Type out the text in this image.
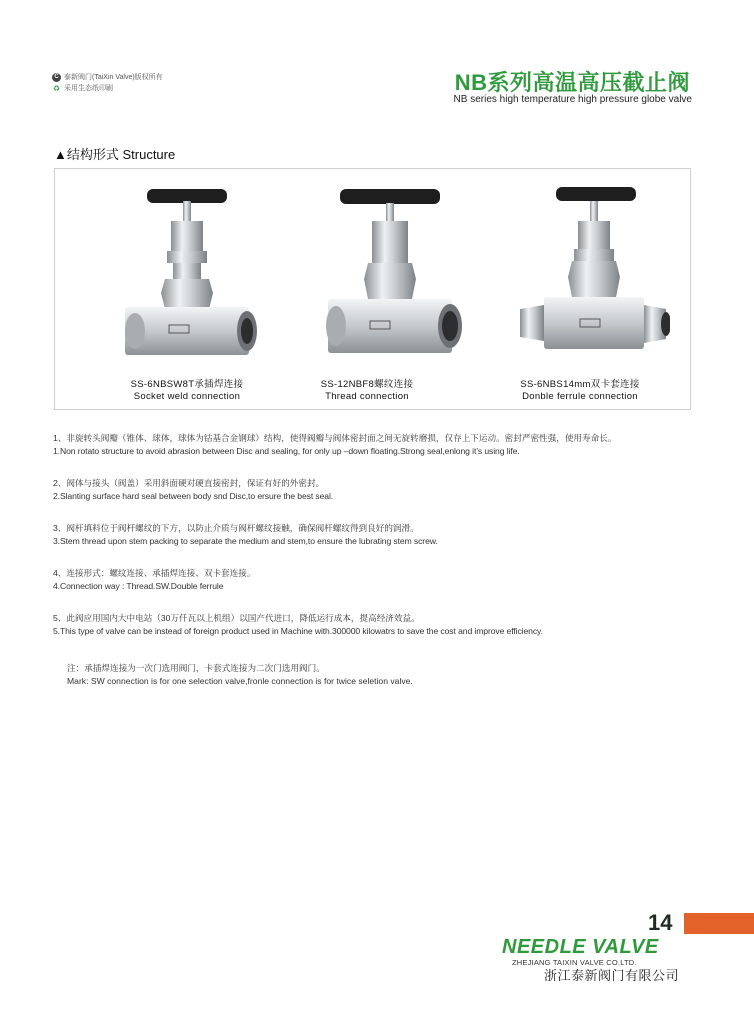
C 泰新阀门(TaiXin Valve)版权所有
♻ 采用生态纸印刷	NB系列高温高压截止阀
NB series high temperature high pressure globe valve
▲结构形式 Structure
SS-6NBSW8T承插焊连接
Socket weld connection
SS-12NBF8螺纹连接
Thread connection
SS-6NBS14mm双卡套连接
Donble ferrule connection
1、非旋转头阀瓣（锥体、球体，球体为钴基合金钢球）结构，使得阀瓣与阀体密封面之间无旋转磨损，仅存上下运动。密封严密性强，使用寿命长。
1.Non rotato structure to avoid abrasion between Disc and sealing, for only up –down floating.Strong seal,enlong it’s using life.
2、阀体与接头（阀盖）采用斜面硬对硬直接密封，保证有好的外密封。
2.Slanting surface hard seal between body snd Disc,to ersure the best seal.
3、阀杆填料位于阀杆螺纹的下方，以防止介质与阀杆螺纹接触，确保阀杆螺纹得到良好的润滑。
3.Stem thread upon stem packing to separate the medium and stem,to ensure the lubrating stem screw.
4、连接形式：螺纹连接、承插焊连接、双卡套连接。
4.Connection way : Thread.SW.Double ferrule
5、此阀应用国内大中电站（30万仟瓦以上机组）以国产代进口，降低运行成本，提高经济效益。
5.This type of valve can be instead of foreign product used in Machine with.300000 kilowatrs to save the cost and improve efficiency.
注：承插焊连接为一次门选用阀门，卡套式连接为二次门选用阀门。
Mark: SW connection is for one selection valve,fronle connection is for twice seletion valve.
14
NEEDLE VALVE
ZHEJIANG TAIXIN VALVE CO.LTD.
浙江泰新阀门有限公司
